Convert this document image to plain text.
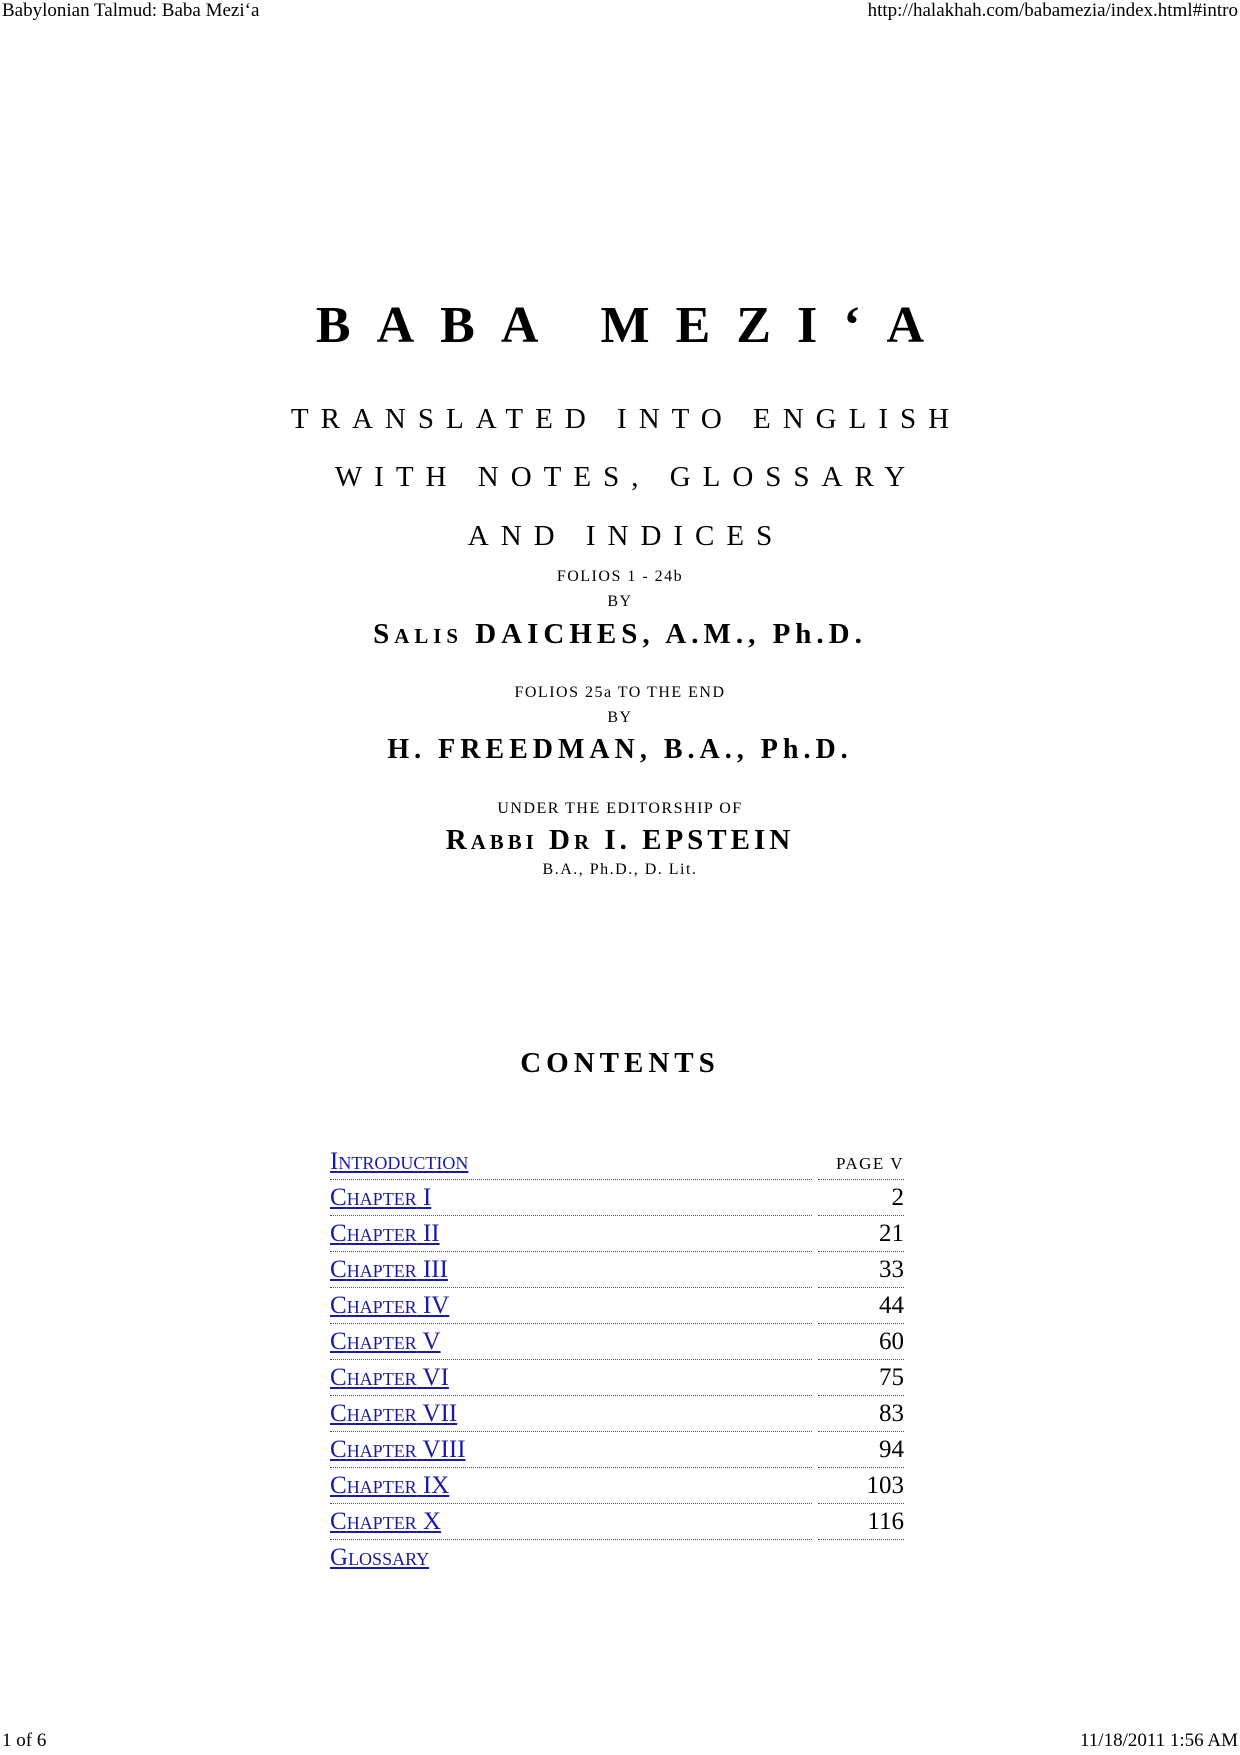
Babylonian Talmud: Baba Mezi‘a	http://halakhah.com/babamezia/index.html#intro
BABA MEZI‘A
TRANSLATED INTO ENGLISH
WITH NOTES, GLOSSARY
AND INDICES
FOLIOS 1 - 24b
BY
SALIS DAICHES, A.M., Ph.D.
FOLIOS 25a TO THE END
BY
H. FREEDMAN, B.A., Ph.D.
UNDER THE EDITORSHIP OF
RABBI DR I. EPSTEIN
B.A., Ph.D., D. Lit.
CONTENTS
INTRODUCTION	PAGE V
CHAPTER I	2
CHAPTER II	21
CHAPTER III	33
CHAPTER IV	44
CHAPTER V	60
CHAPTER VI	75
CHAPTER VII	83
CHAPTER VIII	94
CHAPTER IX	103
CHAPTER X	116
GLOSSARY
1 of 6	11/18/2011 1:56 AM
